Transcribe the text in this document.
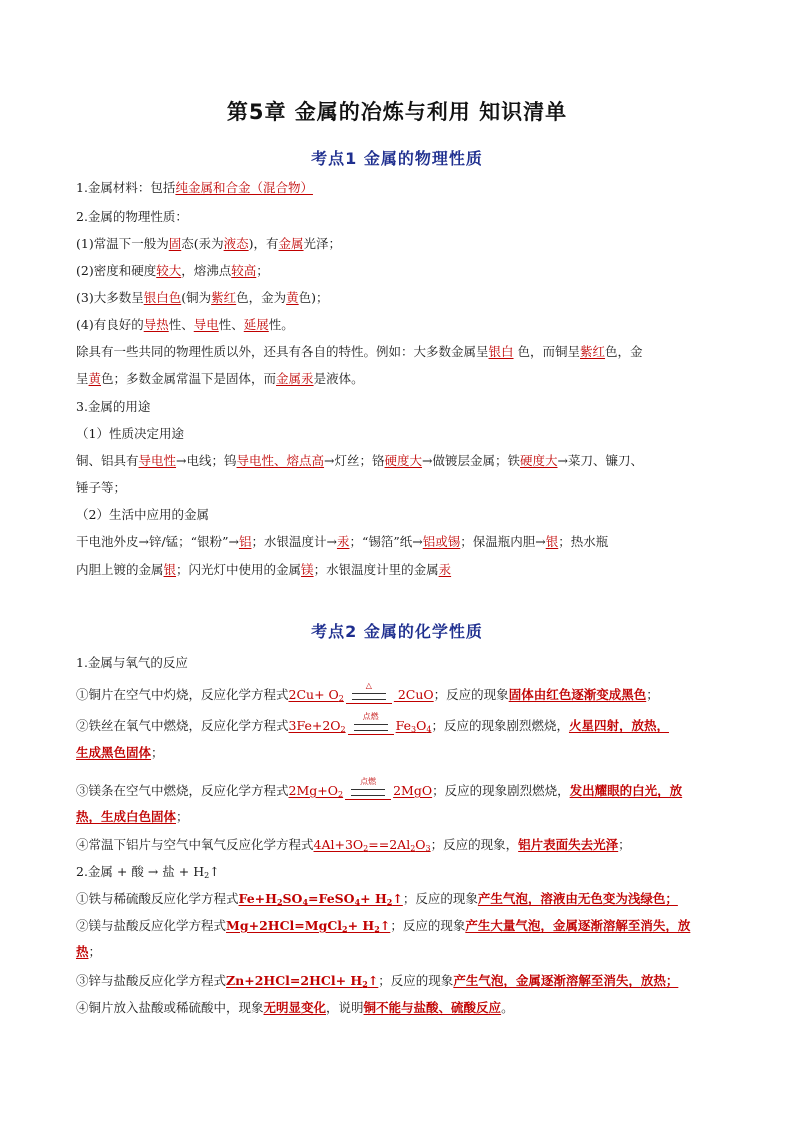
第5章 金属的冶炼与利用 知识清单
考点1 金属的物理性质
1.金属材料：包括纯金属和合金（混合物）
2.金属的物理性质：
(1)常温下一般为固态(汞为液态)，有金属光泽；
(2)密度和硬度较大，熔沸点较高；
(3)大多数呈银白色(铜为紫红色，金为黄色)；
(4)有良好的导热性、导电性、延展性。
除具有一些共同的物理性质以外，还具有各自的特性。例如：大多数金属呈银白 色，而铜呈紫红色，金
呈黄色；多数金属常温下是固体，而金属汞是液体。
3.金属的用途
（1）性质决定用途
铜、铝具有导电性→电线；钨导电性、熔点高→灯丝；铬硬度大→做镀层金属；铁硬度大→菜刀、镰刀、
锤子等；
（2）生活中应用的金属
干电池外皮→锌/锰；“银粉”→铝；水银温度计→汞；“锡箔”纸→铝或锡；保温瓶内胆→银；热水瓶
内胆上镀的金属银；闪光灯中使用的金属镁；水银温度计里的金属汞
考点2 金属的化学性质
1.金属与氧气的反应
①铜片在空气中灼烧，反应化学方程式$2Cu+ O_2$
△
2CuO；反应的现象固体由红色逐渐变成黑色；
②铁丝在氧气中燃烧，反应化学方程式$3Fe+2O_2$
点燃
$Fe_3O_4$；反应的现象剧烈燃烧，火星四射，放热，
生成黑色固体；
③镁条在空气中燃烧，反应化学方程式$2Mg+O_2$
点燃
2MgO；反应的现象剧烈燃烧，发出耀眼的白光，放
热，生成白色固体；
④常温下铝片与空气中氧气反应化学方程式$4Al+3O_2==2Al_2O_3$；反应的现象，铝片表面失去光泽；
2.金属 + 酸 → 盐 + $H_2↑$
①铁与稀硫酸反应化学方程式$Fe+H_2SO_4=FeSO_4+$ $H_2↑$；反应的现象产生气泡，溶液由无色变为浅绿色；
②镁与盐酸反应化学方程式Mg+2HCl=MgCl$_2$+ $H_2↑$；反应的现象产生大量气泡，金属逐渐溶解至消失，放
热；
③锌与盐酸反应化学方程式$Zn+2HCl=2HCl+ H_2↑$；反应的现象产生气泡，金属逐渐溶解至消失，放热；
④铜片放入盐酸或稀硫酸中，现象无明显变化，说明铜不能与盐酸、硫酸反应。
